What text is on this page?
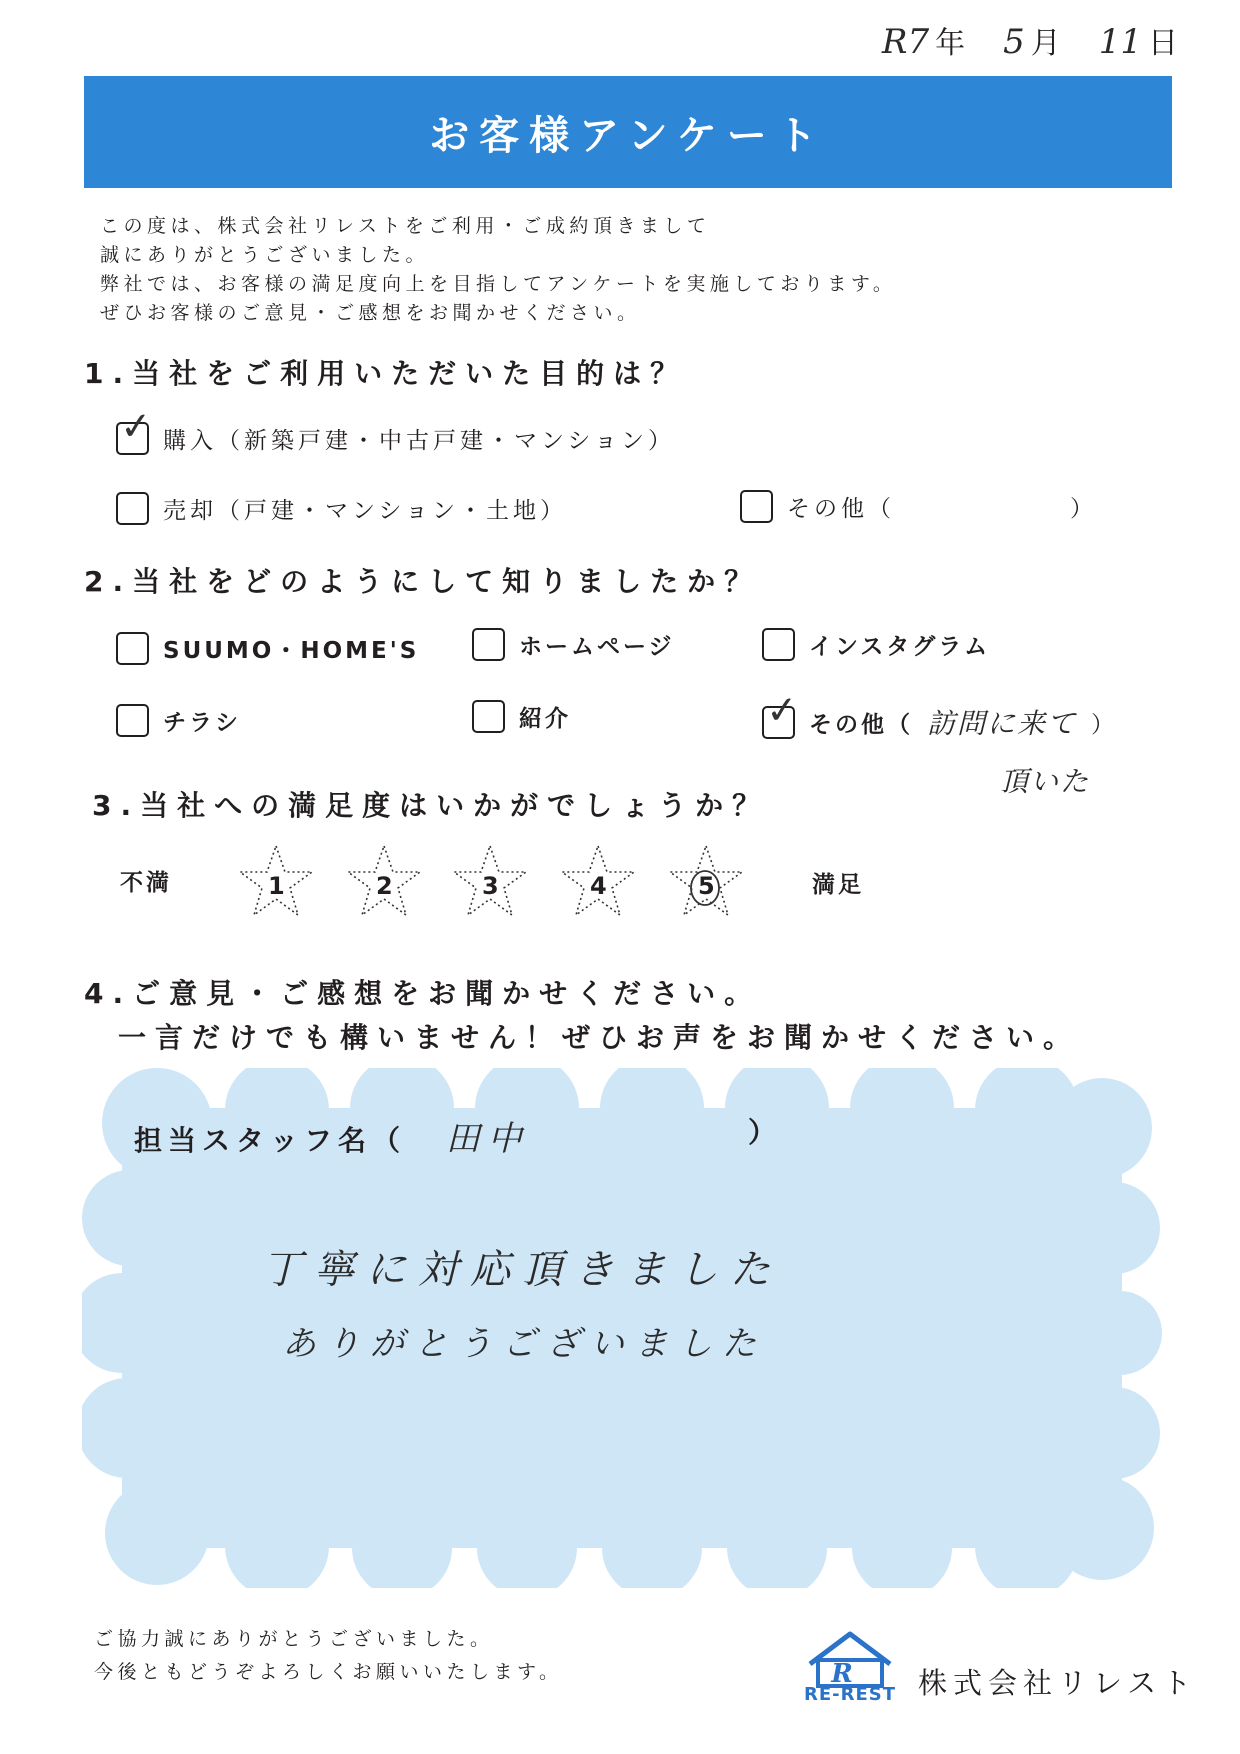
R7 年 5 月 11 日
お客様アンケート
この度は、株式会社リレストをご利用・ご成約頂きまして
誠にありがとうございました。
弊社では、お客様の満足度向上を目指してアンケートを実施しております。
ぜひお客様のご意見・ご感想をお聞かせください。
1.当社をご利用いただいた目的は？
✓ 購入（新築戸建・中古戸建・マンション）
売却（戸建・マンション・土地）	その他（	）
2.当社をどのようにして知りましたか？
SUUMO・HOME'S	ホームページ	インスタグラム
チラシ	紹介	✓ その他（ 訪問に来て ）
頂いた
3.当社への満足度はいかがでしょうか？
不満	満足
1	2	3	4	5
4.ご意見・ご感想をお聞かせください。
一言だけでも構いません！ぜひお声をお聞かせください。
担当スタッフ名（ 田中	）
丁寧に対応頂きました
ありがとうございました
ご協力誠にありがとうございました。
今後ともどうぞよろしくお願いいたします。	R
RE-REST 株式会社リレスト
